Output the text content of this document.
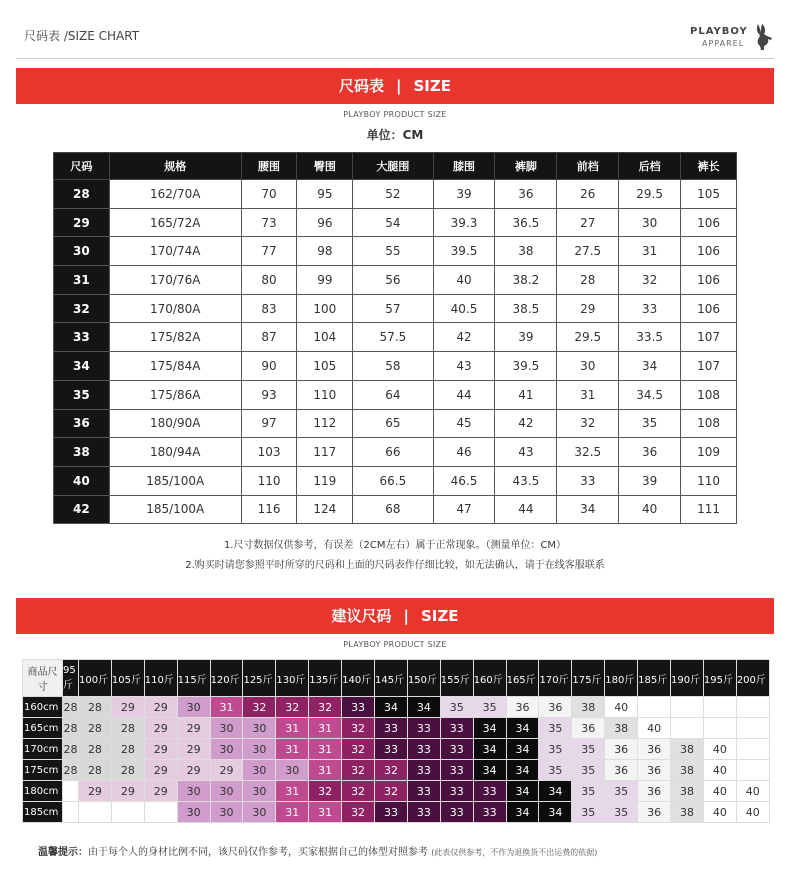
尺码表 /SIZE CHART	PLAYBOY
APPAREL
尺码表 | SIZE
PLAYBOY PRODUCT SIZE
单位：CM
尺码	规格	腰围	臀围	大腿围	膝围	裤脚	前档	后档	裤长
28	162/70A	70	95	52	39	36	26	29.5	105
29	165/72A	73	96	54	39.3	36.5	27	30	106
30	170/74A	77	98	55	39.5	38	27.5	31	106
31	170/76A	80	99	56	40	38.2	28	32	106
32	170/80A	83	100	57	40.5	38.5	29	33	106
33	175/82A	87	104	57.5	42	39	29.5	33.5	107
34	175/84A	90	105	58	43	39.5	30	34	107
35	175/86A	93	110	64	44	41	31	34.5	108
36	180/90A	97	112	65	45	42	32	35	108
38	180/94A	103	117	66	46	43	32.5	36	109
40	185/100A	110	119	66.5	46.5	43.5	33	39	110
42	185/100A	116	124	68	47	44	34	40	111
1.尺寸数据仅供参考，有误差（2CM左右）属于正常现象。（测量单位：CM）
2.购买时请您参照平时所穿的尺码和上面的尺码表作仔细比较，如无法确认，请于在线客服联系
建议尺码 | SIZE
PLAYBOY PRODUCT SIZE
商品尺寸	95斤	100斤	105斤	110斤	115斤	120斤	125斤	130斤	135斤	140斤	145斤	150斤	155斤	160斤	165斤	170斤	175斤	180斤	185斤	190斤	195斤	200斤
160cm	28	28	29	29	30	31	32	32	32	33	34	34	35	35	36	36	38	40				
165cm	28	28	28	29	29	30	30	31	31	32	33	33	33	34	34	35	36	38	40			
170cm	28	28	28	29	29	30	30	31	31	32	33	33	33	34	34	35	35	36	36	38	40	
175cm	28	28	28	29	29	29	30	30	31	32	32	33	33	34	34	35	35	36	36	38	40	
180cm		29	29	29	30	30	30	31	32	32	32	33	33	33	34	34	35	35	36	38	40	40
185cm					30	30	30	31	31	32	33	33	33	33	34	34	35	35	36	38	40	40
温馨提示：由于每个人的身材比例不同，该尺码仅作参考，买家根据自己的体型对照参考 (此表仅供参考，不作为退换货不出运费的依据)
